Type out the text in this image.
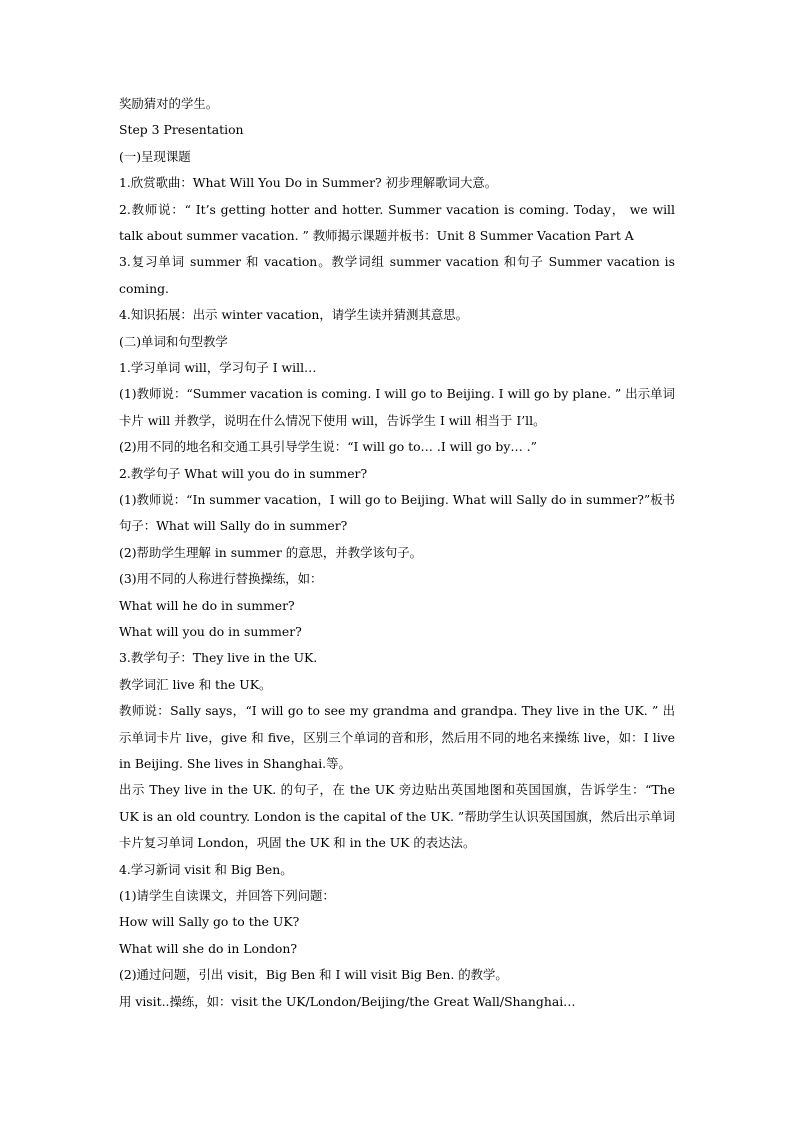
奖励猜对的学生。
Step 3 Presentation
(一)呈现课题
1.欣赏歌曲：What Will You Do in Summer? 初步理解歌词大意。
2.教师说：“ It’s getting hotter and hotter. Summer vacation is coming. Today， we will talk about summer vacation. ” 教师揭示课题并板书：Unit 8 Summer Vacation Part A
3.复习单词 summer 和 vacation。教学词组 summer vacation 和句子 Summer vacation is coming.
4.知识拓展：出示 winter vacation，请学生读并猜测其意思。
(二)单词和句型教学
1.学习单词 will，学习句子 I will…
(1)教师说：“Summer vacation is coming. I will go to Beijing. I will go by plane. ” 出示单词卡片 will 并教学，说明在什么情况下使用 will，告诉学生 I will 相当于 I’ll。
(2)用不同的地名和交通工具引导学生说：“I will go to… .I will go by… .”
2.教学句子 What will you do in summer?
(1)教师说：“In summer vacation，I will go to Beijing. What will Sally do in summer?”板书句子：What will Sally do in summer?
(2)帮助学生理解 in summer 的意思，并教学该句子。
(3)用不同的人称进行替换操练，如：
What will he do in summer?
What will you do in summer?
3.教学句子：They live in the UK.
教学词汇 live 和 the UK。
教师说：Sally says，“I will go to see my grandma and grandpa. They live in the UK. ” 出示单词卡片 live，give 和 five，区别三个单词的音和形，然后用不同的地名来操练 live，如：I live in Beijing. She lives in Shanghai.等。
出示 They live in the UK. 的句子，在 the UK 旁边贴出英国地图和英国国旗，告诉学生：“The UK is an old country. London is the capital of the UK. ”帮助学生认识英国国旗，然后出示单词卡片复习单词 London，巩固 the UK 和 in the UK 的表达法。
4.学习新词 visit 和 Big Ben。
(1)请学生自读课文，并回答下列问题：
How will Sally go to the UK?
What will she do in London?
(2)通过问题，引出 visit，Big Ben 和 I will visit Big Ben. 的教学。
用 visit..操练，如：visit the UK/London/Beijing/the Great Wall/Shanghai…
